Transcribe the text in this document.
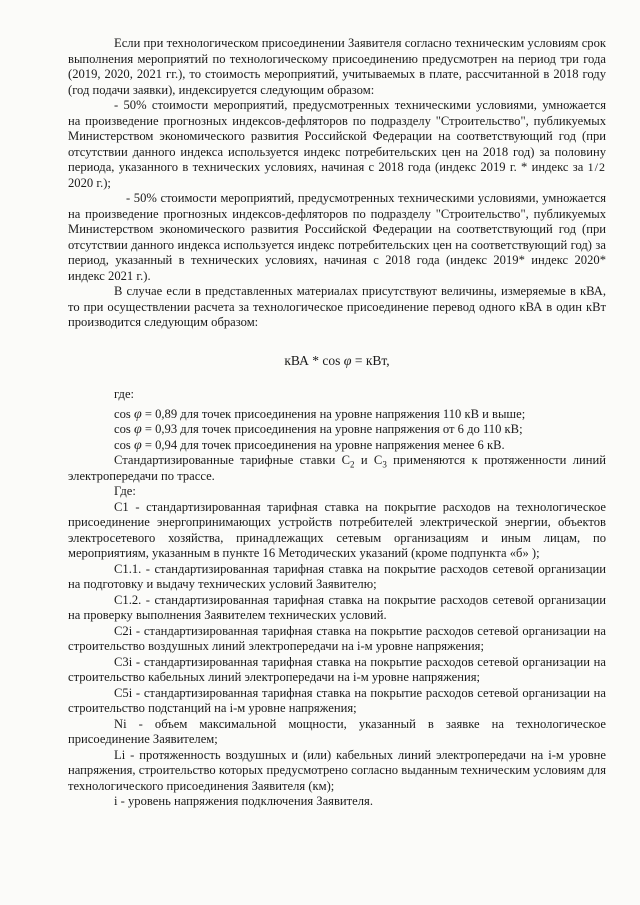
Если при технологическом присоединении Заявителя согласно техническим условиям срок выполнения мероприятий по технологическому присоединению предусмотрен на период три года (2019, 2020, 2021 гг.), то стоимость мероприятий, учитываемых в плате, рассчитанной в 2018 году (год подачи заявки), индексируется следующим образом:

- 50% стоимости мероприятий, предусмотренных техническими условиями, умножается на произведение прогнозных индексов-дефляторов по подразделу "Строительство", публикуемых Министерством экономического развития Российской Федерации на соответствующий год (при отсутствии данного индекса используется индекс потребительских цен на 2018 год) за половину периода, указанного в технических условиях, начиная с 2018 года (индекс 2019 г. * индекс за 1/2 2020 г.);

- 50% стоимости мероприятий, предусмотренных техническими условиями, умножается на произведение прогнозных индексов-дефляторов по подразделу "Строительство", публикуемых Министерством экономического развития Российской Федерации на соответствующий год (при отсутствии данного индекса используется индекс потребительских цен на соответствующий год) за период, указанный в технических условиях, начиная с 2018 года (индекс 2019* индекс 2020* индекс 2021 г.).

В случае если в представленных материалах присутствуют величины, измеряемые в кВА, то при осуществлении расчета за технологическое присоединение перевод одного кВА в один кВт производится следующим образом:

кВА * cos φ = кВт,

где:

cos φ = 0,89 для точек присоединения на уровне напряжения 110 кВ и выше;

cos φ = 0,93 для точек присоединения на уровне напряжения от 6 до 110 кВ;

cos φ = 0,94 для точек присоединения на уровне напряжения менее 6 кВ.

Стандартизированные тарифные ставки $С_2$ и $С_3$ применяются к протяженности линий электропередачи по трассе.

Где:

С1 - стандартизированная тарифная ставка на покрытие расходов на технологическое присоединение энергопринимающих устройств потребителей электрической энергии, объектов электросетевого хозяйства, принадлежащих сетевым организациям и иным лицам, по мероприятиям, указанным в пункте 16 Методических указаний (кроме подпункта «б» );

С1.1. - стандартизированная тарифная ставка на покрытие расходов сетевой организации на подготовку и выдачу технических условий Заявителю;

С1.2. - стандартизированная тарифная ставка на покрытие расходов сетевой организации на проверку выполнения Заявителем технических условий.

С2i - стандартизированная тарифная ставка на покрытие расходов сетевой организации на строительство воздушных линий электропередачи на i-м уровне напряжения;

С3i - стандартизированная тарифная ставка на покрытие расходов сетевой организации на строительство кабельных линий электропередачи на i-м уровне напряжения;

С5i - стандартизированная тарифная ставка на покрытие расходов сетевой организации на строительство подстанций на i-м уровне напряжения;

Ni - объем максимальной мощности, указанный в заявке на технологическое присоединение Заявителем;

Li - протяженность воздушных и (или) кабельных линий электропередачи на i-м уровне напряжения, строительство которых предусмотрено согласно выданным техническим условиям для технологического присоединения Заявителя (км);

i - уровень напряжения подключения Заявителя.
